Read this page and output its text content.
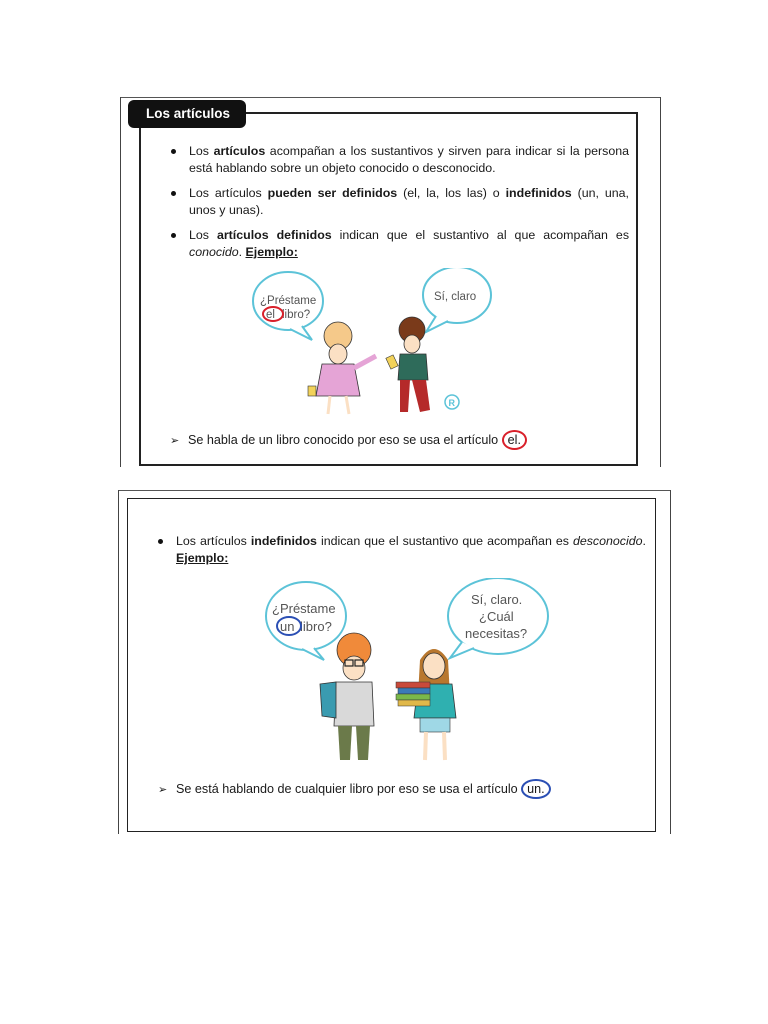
Los artículos
Los artículos acompañan a los sustantivos y sirven para indicar si la persona está hablando sobre un objeto conocido o desconocido.
Los artículos pueden ser definidos (el, la, los las) o indefinidos (un, una, unos y unas).
Los artículos definidos indican que el sustantivo al que acompañan es conocido. Ejemplo:
¿Préstame
el libro?
Sí, claro
R
➢ Se habla de un libro conocido por eso se usa el artículo el.
Los artículos indefinidos indican que el sustantivo que acompañan es desconocido. Ejemplo:
¿Préstame
un libro?
Sí, claro.
¿Cuál
necesitas?
➢ Se está hablando de cualquier libro por eso se usa el artículo un.
